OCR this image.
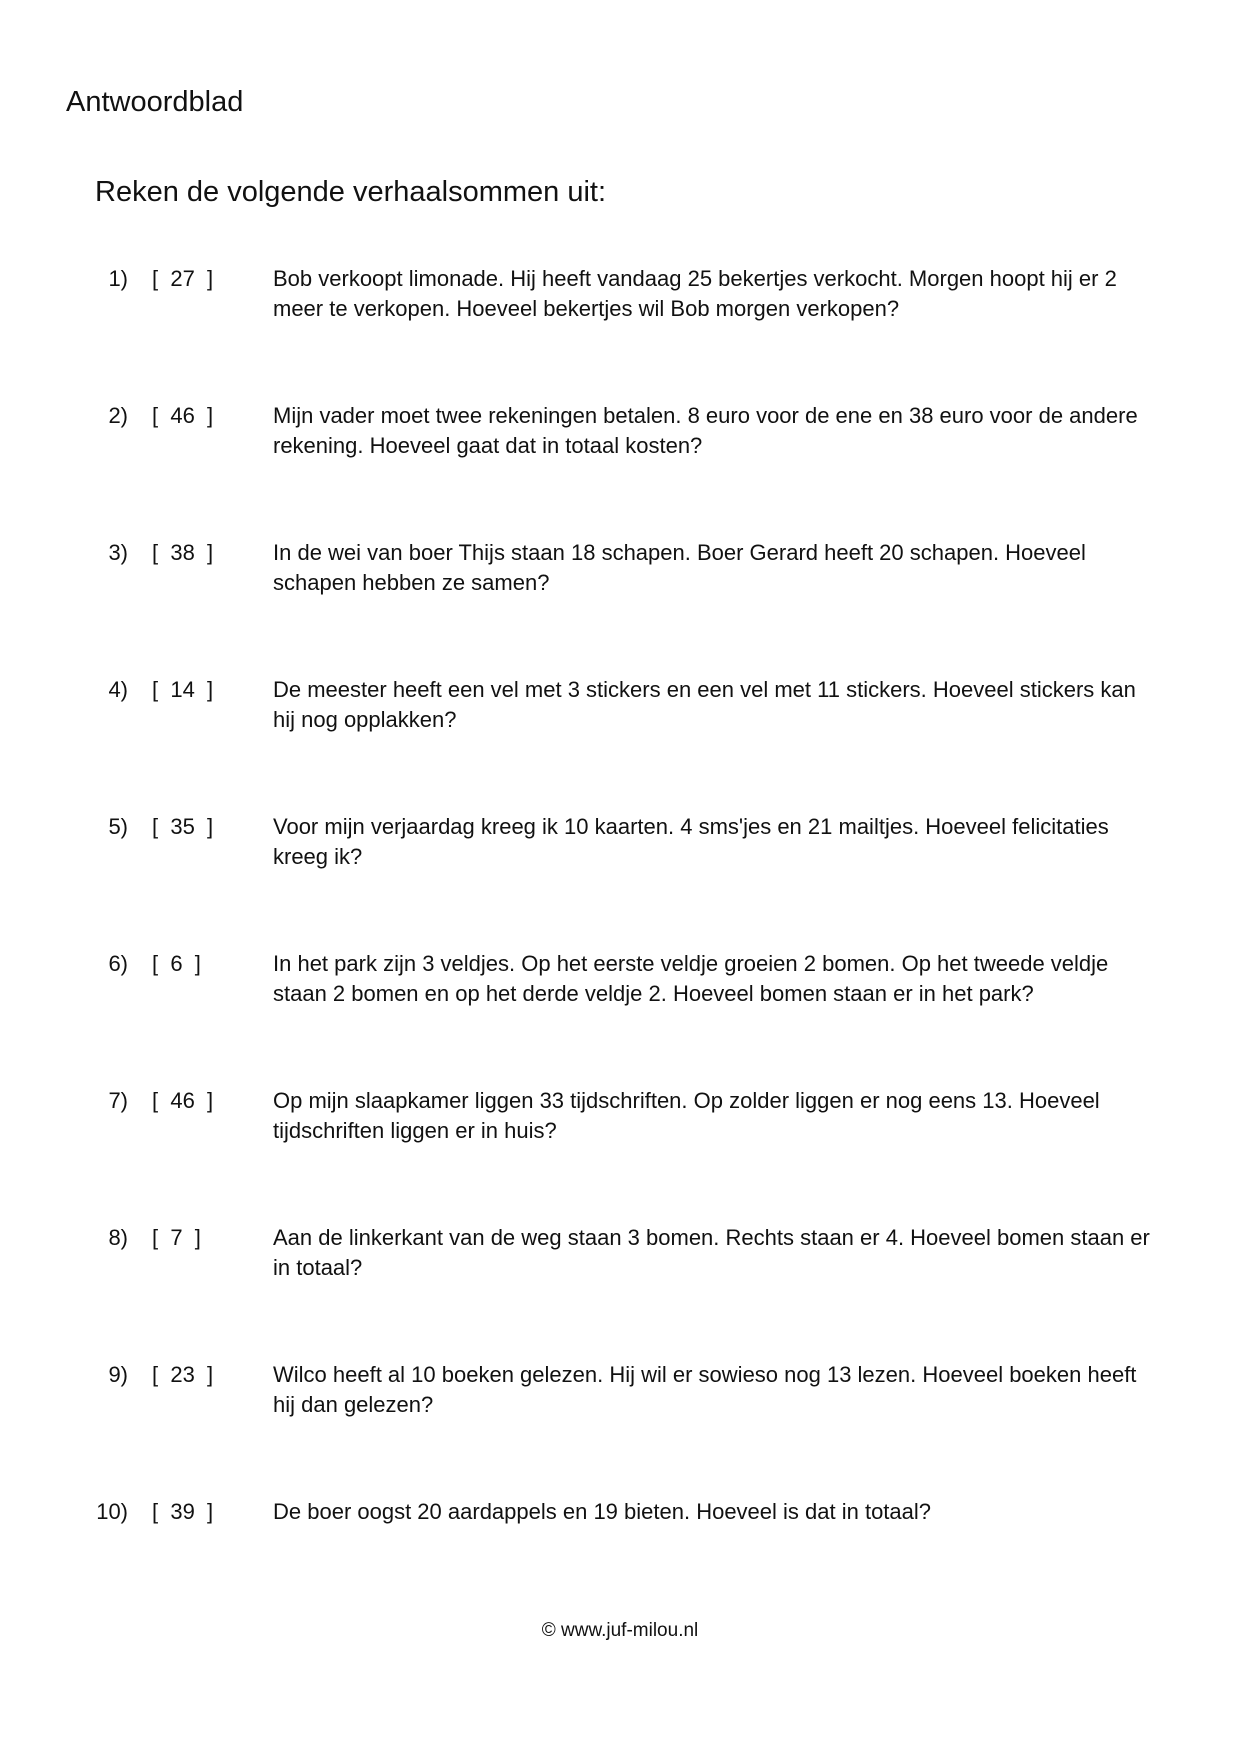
Antwoordblad
Reken de volgende verhaalsommen uit:
1) [  27  ]	Bob verkoopt limonade. Hij heeft vandaag 25 bekertjes verkocht. Morgen hoopt hij er 2 meer te verkopen. Hoeveel bekertjes wil Bob morgen verkopen?
2) [  46  ]	Mijn vader moet twee rekeningen betalen. 8 euro voor de ene en 38 euro voor de andere rekening. Hoeveel gaat dat in totaal kosten?
3) [  38  ]	In de wei van boer Thijs staan 18 schapen. Boer Gerard heeft 20 schapen. Hoeveel schapen hebben ze samen?
4) [  14  ]	De meester heeft een vel met 3 stickers en een vel met 11 stickers. Hoeveel stickers kan hij nog opplakken?
5) [  35  ]	Voor mijn verjaardag kreeg ik 10 kaarten. 4 sms'jes en 21 mailtjes. Hoeveel felicitaties kreeg ik?
6) [  6  ]	In het park zijn 3 veldjes. Op het eerste veldje groeien 2 bomen. Op het tweede veldje staan 2 bomen en op het derde veldje 2. Hoeveel bomen staan er in het park?
7) [  46  ]	Op mijn slaapkamer liggen 33 tijdschriften. Op zolder liggen er nog eens 13. Hoeveel tijdschriften liggen er in huis?
8) [  7  ]	Aan de linkerkant van de weg staan 3 bomen. Rechts staan er 4. Hoeveel bomen staan er in totaal?
9) [  23  ]	Wilco heeft al 10 boeken gelezen. Hij wil er sowieso nog 13 lezen. Hoeveel boeken heeft hij dan gelezen?
10) [  39  ]	De boer oogst 20 aardappels en 19 bieten. Hoeveel is dat in totaal?
© www.juf-milou.nl
